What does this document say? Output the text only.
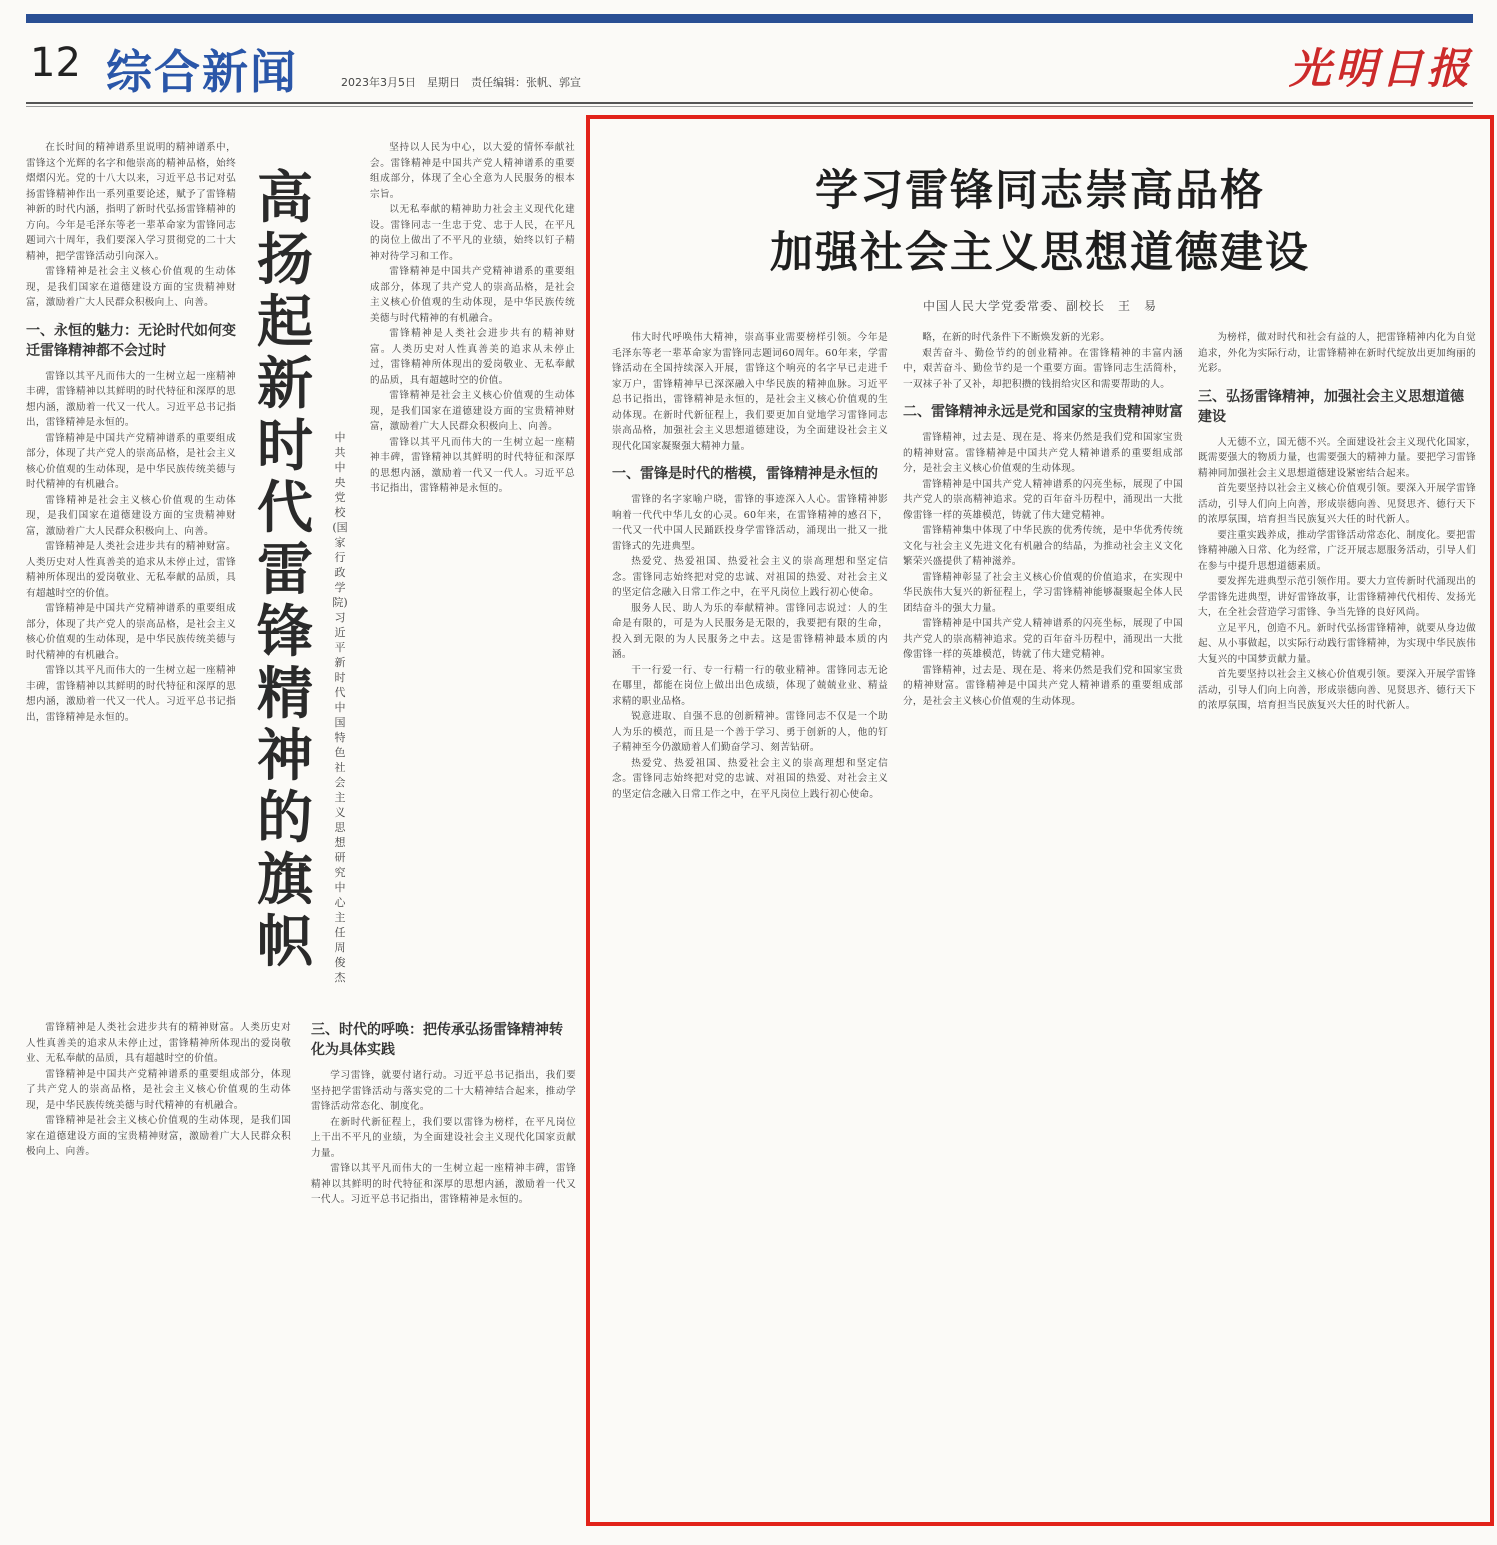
12 综合新闻	2023年3月5日　星期日　责任编辑：张帆、郭宣	光明日报

在长时间的精神谱系里说明的精神谱系中，雷锋这个光辉的名字和他崇高的精神品格，始终熠熠闪光。党的十八大以来，习近平总书记对弘扬雷锋精神作出一系列重要论述，赋予了雷锋精神新的时代内涵，指明了新时代弘扬雷锋精神的方向。今年是毛泽东等老一辈革命家为雷锋同志题词六十周年，我们要深入学习贯彻党的二十大精神，把学雷锋活动引向深入。

雷锋精神是社会主义核心价值观的生动体现，是我们国家在道德建设方面的宝贵精神财富，激励着广大人民群众积极向上、向善。

一、永恒的魅力：无论时代如何变迁雷锋精神都不会过时

雷锋以其平凡而伟大的一生树立起一座精神丰碑，雷锋精神以其鲜明的时代特征和深厚的思想内涵，激励着一代又一代人。习近平总书记指出，雷锋精神是永恒的。

雷锋精神是中国共产党精神谱系的重要组成部分，体现了共产党人的崇高品格，是社会主义核心价值观的生动体现，是中华民族传统美德与时代精神的有机融合。

雷锋精神是社会主义核心价值观的生动体现，是我们国家在道德建设方面的宝贵精神财富，激励着广大人民群众积极向上、向善。

雷锋精神是人类社会进步共有的精神财富。人类历史对人性真善美的追求从未停止过，雷锋精神所体现出的爱岗敬业、无私奉献的品质，具有超越时空的价值。

雷锋精神是中国共产党精神谱系的重要组成部分，体现了共产党人的崇高品格，是社会主义核心价值观的生动体现，是中华民族传统美德与时代精神的有机融合。

雷锋以其平凡而伟大的一生树立起一座精神丰碑，雷锋精神以其鲜明的时代特征和深厚的思想内涵，激励着一代又一代人。习近平总书记指出，雷锋精神是永恒的。

高扬起新时代雷锋精神的旗帜
中共中央党校(国家行政学院)习近平新时代中国特色社会主义思想研究中心主任　周俊杰

坚持以人民为中心，以大爱的情怀奉献社会。雷锋精神是中国共产党人精神谱系的重要组成部分，体现了全心全意为人民服务的根本宗旨。

以无私奉献的精神助力社会主义现代化建设。雷锋同志一生忠于党、忠于人民，在平凡的岗位上做出了不平凡的业绩，始终以钉子精神对待学习和工作。

雷锋精神是中国共产党精神谱系的重要组成部分，体现了共产党人的崇高品格，是社会主义核心价值观的生动体现，是中华民族传统美德与时代精神的有机融合。

雷锋精神是人类社会进步共有的精神财富。人类历史对人性真善美的追求从未停止过，雷锋精神所体现出的爱岗敬业、无私奉献的品质，具有超越时空的价值。

雷锋精神是社会主义核心价值观的生动体现，是我们国家在道德建设方面的宝贵精神财富，激励着广大人民群众积极向上、向善。

雷锋以其平凡而伟大的一生树立起一座精神丰碑，雷锋精神以其鲜明的时代特征和深厚的思想内涵，激励着一代又一代人。习近平总书记指出，雷锋精神是永恒的。

雷锋精神是人类社会进步共有的精神财富。人类历史对人性真善美的追求从未停止过，雷锋精神所体现出的爱岗敬业、无私奉献的品质，具有超越时空的价值。

雷锋精神是中国共产党精神谱系的重要组成部分，体现了共产党人的崇高品格，是社会主义核心价值观的生动体现，是中华民族传统美德与时代精神的有机融合。

雷锋精神是社会主义核心价值观的生动体现，是我们国家在道德建设方面的宝贵精神财富，激励着广大人民群众积极向上、向善。

三、时代的呼唤：把传承弘扬雷锋精神转化为具体实践

学习雷锋，就要付诸行动。习近平总书记指出，我们要坚持把学雷锋活动与落实党的二十大精神结合起来，推动学雷锋活动常态化、制度化。

在新时代新征程上，我们要以雷锋为榜样，在平凡岗位上干出不平凡的业绩，为全面建设社会主义现代化国家贡献力量。

雷锋以其平凡而伟大的一生树立起一座精神丰碑，雷锋精神以其鲜明的时代特征和深厚的思想内涵，激励着一代又一代人。习近平总书记指出，雷锋精神是永恒的。

学习雷锋同志崇高品格
加强社会主义思想道德建设
中国人民大学党委常委、副校长　王　易

伟大时代呼唤伟大精神，崇高事业需要榜样引领。今年是毛泽东等老一辈革命家为雷锋同志题词60周年。60年来，学雷锋活动在全国持续深入开展，雷锋这个响亮的名字早已走进千家万户，雷锋精神早已深深融入中华民族的精神血脉。习近平总书记指出，雷锋精神是永恒的，是社会主义核心价值观的生动体现。在新时代新征程上，我们要更加自觉地学习雷锋同志崇高品格，加强社会主义思想道德建设，为全面建设社会主义现代化国家凝聚强大精神力量。

一、雷锋是时代的楷模，雷锋精神是永恒的

雷锋的名字家喻户晓，雷锋的事迹深入人心。雷锋精神影响着一代代中华儿女的心灵。60年来，在雷锋精神的感召下，一代又一代中国人民踊跃投身学雷锋活动，涌现出一批又一批雷锋式的先进典型。

热爱党、热爱祖国、热爱社会主义的崇高理想和坚定信念。雷锋同志始终把对党的忠诚、对祖国的热爱、对社会主义的坚定信念融入日常工作之中，在平凡岗位上践行初心使命。

服务人民、助人为乐的奉献精神。雷锋同志说过：人的生命是有限的，可是为人民服务是无限的，我要把有限的生命，投入到无限的为人民服务之中去。这是雷锋精神最本质的内涵。

干一行爱一行、专一行精一行的敬业精神。雷锋同志无论在哪里，都能在岗位上做出出色成绩，体现了兢兢业业、精益求精的职业品格。

锐意进取、自强不息的创新精神。雷锋同志不仅是一个助人为乐的模范，而且是一个善于学习、勇于创新的人，他的钉子精神至今仍激励着人们勤奋学习、刻苦钻研。

热爱党、热爱祖国、热爱社会主义的崇高理想和坚定信念。雷锋同志始终把对党的忠诚、对祖国的热爱、对社会主义的坚定信念融入日常工作之中，在平凡岗位上践行初心使命。

略，在新的时代条件下不断焕发新的光彩。

艰苦奋斗、勤俭节约的创业精神。在雷锋精神的丰富内涵中，艰苦奋斗、勤俭节约是一个重要方面。雷锋同志生活简朴，一双袜子补了又补，却把积攒的钱捐给灾区和需要帮助的人。

二、雷锋精神永远是党和国家的宝贵精神财富

雷锋精神，过去是、现在是、将来仍然是我们党和国家宝贵的精神财富。雷锋精神是中国共产党人精神谱系的重要组成部分，是社会主义核心价值观的生动体现。

雷锋精神是中国共产党人精神谱系的闪亮坐标，展现了中国共产党人的崇高精神追求。党的百年奋斗历程中，涌现出一大批像雷锋一样的英雄模范，铸就了伟大建党精神。

雷锋精神集中体现了中华民族的优秀传统，是中华优秀传统文化与社会主义先进文化有机融合的结晶，为推动社会主义文化繁荣兴盛提供了精神滋养。

雷锋精神彰显了社会主义核心价值观的价值追求，在实现中华民族伟大复兴的新征程上，学习雷锋精神能够凝聚起全体人民团结奋斗的强大力量。

雷锋精神是中国共产党人精神谱系的闪亮坐标，展现了中国共产党人的崇高精神追求。党的百年奋斗历程中，涌现出一大批像雷锋一样的英雄模范，铸就了伟大建党精神。

雷锋精神，过去是、现在是、将来仍然是我们党和国家宝贵的精神财富。雷锋精神是中国共产党人精神谱系的重要组成部分，是社会主义核心价值观的生动体现。

为榜样，做对时代和社会有益的人，把雷锋精神内化为自觉追求，外化为实际行动，让雷锋精神在新时代绽放出更加绚丽的光彩。

三、弘扬雷锋精神，加强社会主义思想道德建设

人无德不立，国无德不兴。全面建设社会主义现代化国家，既需要强大的物质力量，也需要强大的精神力量。要把学习雷锋精神同加强社会主义思想道德建设紧密结合起来。

首先要坚持以社会主义核心价值观引领。要深入开展学雷锋活动，引导人们向上向善，形成崇德向善、见贤思齐、德行天下的浓厚氛围，培育担当民族复兴大任的时代新人。

要注重实践养成，推动学雷锋活动常态化、制度化。要把雷锋精神融入日常、化为经常，广泛开展志愿服务活动，引导人们在参与中提升思想道德素质。

要发挥先进典型示范引领作用。要大力宣传新时代涌现出的学雷锋先进典型，讲好雷锋故事，让雷锋精神代代相传、发扬光大，在全社会营造学习雷锋、争当先锋的良好风尚。

立足平凡，创造不凡。新时代弘扬雷锋精神，就要从身边做起、从小事做起，以实际行动践行雷锋精神，为实现中华民族伟大复兴的中国梦贡献力量。

首先要坚持以社会主义核心价值观引领。要深入开展学雷锋活动，引导人们向上向善，形成崇德向善、见贤思齐、德行天下的浓厚氛围，培育担当民族复兴大任的时代新人。
